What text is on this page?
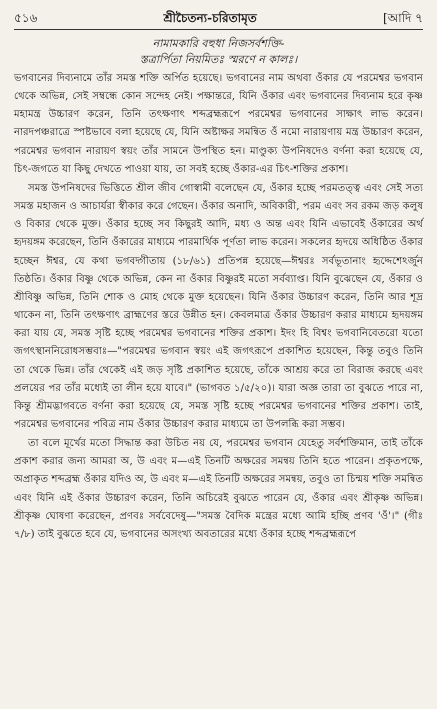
৫১৬	শ্রীচৈতন্য-চরিতামৃত	[আদি ৭
নামামকারি বহুধা নিজসর্বশক্তি-
স্তত্রার্পিতা নিয়মিতঃ স্মরণে ন কালঃ।

ভগবানের দিব্যনামে তাঁর সমস্ত শক্তি অর্পিত হয়েছে। ভগবানের নাম অথবা ওঁকার যে পরমেশ্বর ভগবান থেকে অভিন্ন, সেই সম্বন্ধে কোন সন্দেহ নেই। পক্ষান্তরে, যিনি ওঁকার এবং ভগবানের দিব্যনাম হরে কৃষ্ণ মহামন্ত্র উচ্চারণ করেন, তিনি তৎক্ষণাৎ শব্দব্রহ্মরূপে পরমেশ্বর ভগবানের সাক্ষাৎ লাভ করেন। নারদপঞ্চরাত্রে স্পষ্টভাবে বলা হয়েছে যে, যিনি অষ্টাক্ষর সমন্বিত ওঁ নমো নারায়ণায় মন্ত্র উচ্চারণ করেন, পরমেশ্বর ভগবান নারায়ণ স্বয়ং তাঁর সামনে উপস্থিত হন। মাণ্ডুক্য উপনিষদেও বর্ণনা করা হয়েছে যে, চিৎ-জগতে যা কিছু দেখতে পাওয়া যায়, তা সবই হচ্ছে ওঁকার-এর চিৎ-শক্তির প্রকাশ।

সমস্ত উপনিষদের ভিত্তিতে শ্রীল জীব গোস্বামী বলেছেন যে, ওঁকার হচ্ছে পরমতত্ত্ব এবং সেই সত্য সমস্ত মহাজন ও আচার্যরা স্বীকার করে গেছেন। ওঁকার অনাদি, অবিকারী, পরম এবং সব রকম জড় কলুষ ও বিকার থেকে মুক্ত। ওঁকার হচ্ছে সব কিছুরই আদি, মধ্য ও অন্ত এবং যিনি এভাবেই ওঁকারের অর্থ হৃদয়ঙ্গম করেছেন, তিনি ওঁকারের মাধ্যমে পারমার্থিক পূর্ণতা লাভ করেন। সকলের হৃদয়ে অধিষ্ঠিত ওঁকার হচ্ছেন ঈশ্বর, যে কথা ভগবদ্গীতায় (১৮/৬১) প্রতিপন্ন হয়েছে—ঈশ্বরঃ সর্বভূতানাং হৃদ্দেশেঽর্জুন তিষ্ঠতি। ওঁকার বিষ্ণু থেকে অভিন্ন, কেন না ওঁকার বিষ্ণুরই মতো সর্বব্যাপ্ত। যিনি বুঝেছেন যে, ওঁকার ও শ্রীবিষ্ণু অভিন্ন, তিনি শোক ও মোহ থেকে মুক্ত হয়েছেন। যিনি ওঁকার উচ্চারণ করেন, তিনি আর শূদ্র থাকেন না, তিনি তৎক্ষণাৎ ব্রাহ্মণের স্তরে উন্নীত হন। কেবলমাত্র ওঁকার উচ্চারণ করার মাধ্যমে হৃদয়ঙ্গম করা যায় যে, সমস্ত সৃষ্টি হচ্ছে পরমেশ্বর ভগবানের শক্তির প্রকাশ। ইদং হি বিশ্বং ভগবানিবেতরো যতো জগৎস্থাননিরোধসম্ভবাঃ—"পরমেশ্বর ভগবান স্বয়ং এই জগৎরূপে প্রকাশিত হয়েছেন, কিন্তু তবুও তিনি তা থেকে ভিন্ন। তাঁর থেকেই এই জড় সৃষ্টি প্রকাশিত হয়েছে, তাঁকে আশ্রয় করে তা বিরাজ করছে এবং প্রলয়ের পর তাঁর মধ্যেই তা লীন হয়ে যাবে।" (ভাগবত ১/৫/২০)। যারা অজ্ঞ তারা তা বুঝতে পারে না, কিন্তু শ্রীমদ্ভাগবতে বর্ণনা করা হয়েছে যে, সমস্ত সৃষ্টি হচ্ছে পরমেশ্বর ভগবানের শক্তির প্রকাশ। তাই, পরমেশ্বর ভগবানের পবিত্র নাম ওঁকার উচ্চারণ করার মাধ্যমে তা উপলব্ধি করা সম্ভব।

তা বলে মূর্খের মতো সিদ্ধান্ত করা উচিত নয় যে, পরমেশ্বর ভগবান যেহেতু সর্বশক্তিমান, তাই তাঁকে প্রকাশ করার জন্য আমরা অ, উ এবং ম—এই তিনটি অক্ষরের সমন্বয় তিনি হতে পারেন। প্রকৃতপক্ষে, অপ্রাকৃত শব্দব্রহ্ম ওঁকার যদিও অ, উ এবং ম—এই তিনটি অক্ষরের সমন্বয়, তবুও তা চিন্ময় শক্তি সমন্বিত এবং যিনি এই ওঁকার উচ্চারণ করেন, তিনি অচিরেই বুঝতে পারেন যে, ওঁকার এবং শ্রীকৃষ্ণ অভিন্ন। শ্রীকৃষ্ণ ঘোষণা করেছেন, প্রণবঃ সর্ববেদেষু—"সমস্ত বৈদিক মন্ত্রের মধ্যে আমি হচ্ছি প্রণব 'ওঁ'।" (গীঃ ৭/৮) তাই বুঝতে হবে যে, ভগবানের অসংখ্য অবতারের মধ্যে ওঁকার হচ্ছে শব্দব্রহ্মরূপে
